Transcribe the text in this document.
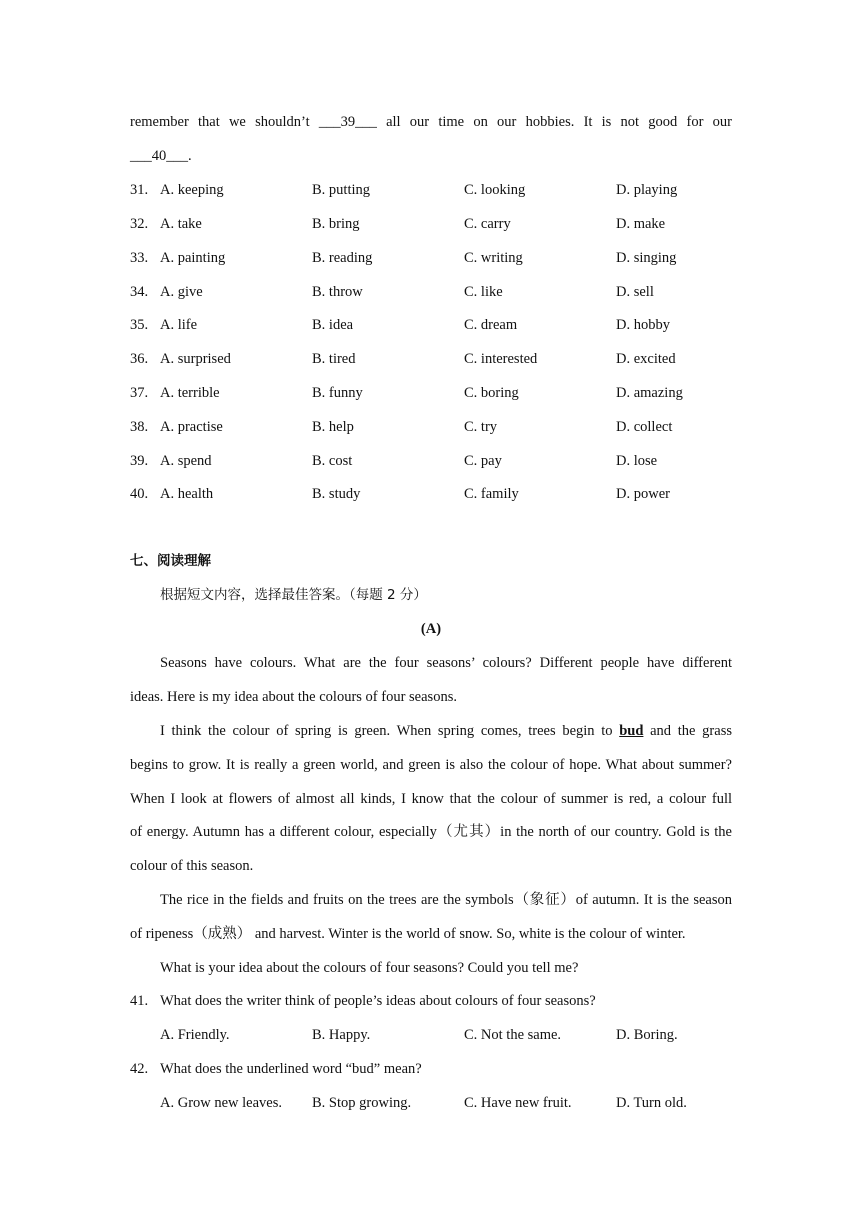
remember that we shouldn’t ___39___ all our time on our hobbies. It is not good for our
___40___.
31. A. keeping	B. putting	C. looking	D. playing
32. A. take	B. bring	C. carry	D. make
33. A. painting	B. reading	C. writing	D. singing
34. A. give	B. throw	C. like	D. sell
35. A. life	B. idea	C. dream	D. hobby
36. A. surprised	B. tired	C. interested	D. excited
37. A. terrible	B. funny	C. boring	D. amazing
38. A. practise	B. help	C. try	D. collect
39. A. spend	B. cost	C. pay	D. lose
40. A. health	B. study	C. family	D. power
七、阅读理解
根据短文内容，选择最佳答案。（每题 2 分）
(A)
Seasons have colours. What are the four seasons’ colours? Different people have different
ideas. Here is my idea about the colours of four seasons.
I think the colour of spring is green. When spring comes, trees begin to bud and the grass
begins to grow. It is really a green world, and green is also the colour of hope. What about summer?
When I look at flowers of almost all kinds, I know that the colour of summer is red, a colour full
of energy. Autumn has a different colour, especially（尤其）in the north of our country. Gold is the
colour of this season.
The rice in the fields and fruits on the trees are the symbols（象征）of autumn. It is the season
of ripeness（成熟） and harvest. Winter is the world of snow. So, white is the colour of winter.
What is your idea about the colours of four seasons? Could you tell me?
41. What does the writer think of people’s ideas about colours of four seasons?
A. Friendly.	B. Happy.	C. Not the same.	D. Boring.
42. What does the underlined word “bud” mean?
A. Grow new leaves. B. Stop growing.	C. Have new fruit.	D. Turn old.
